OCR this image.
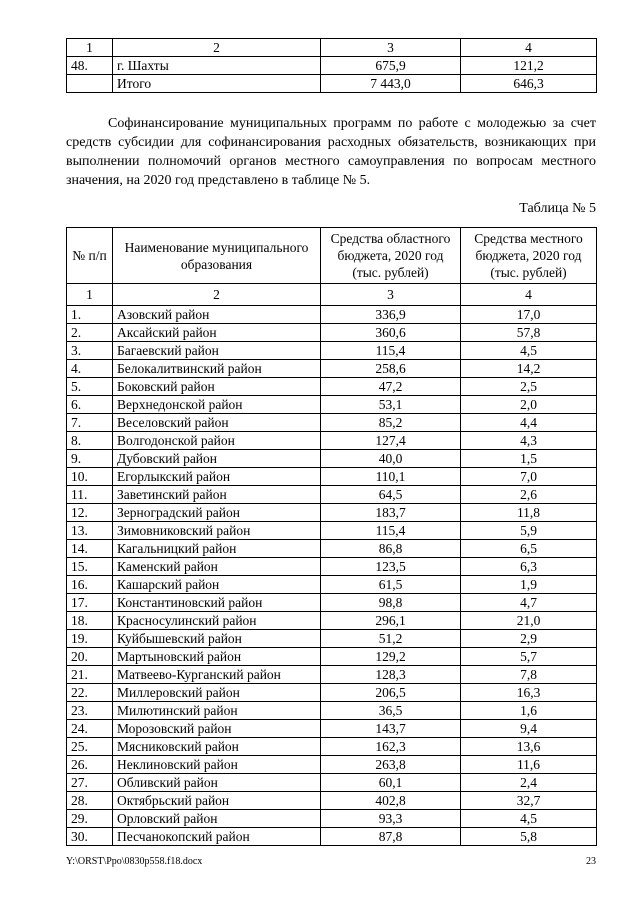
1	2	3	4
48.	г. Шахты	675,9	121,2
	Итого	7 443,0	646,3

Софинансирование муниципальных программ по работе с молодежью за счет средств субсидии для софинансирования расходных обязательств, возникающих при выполнении полномочий органов местного самоуправления по вопросам местного значения, на 2020 год представлено в таблице № 5.

Таблица № 5
№ п/п	Наименование муниципального образования	Средства областного бюджета, 2020 год (тыс. рублей)	Средства местного бюджета, 2020 год (тыс. рублей)
1	2	3	4
1.	Азовский район	336,9	17,0
2.	Аксайский район	360,6	57,8
3.	Багаевский район	115,4	4,5
4.	Белокалитвинский район	258,6	14,2
5.	Боковский район	47,2	2,5
6.	Верхнедонской район	53,1	2,0
7.	Веселовский район	85,2	4,4
8.	Волгодонской район	127,4	4,3
9.	Дубовский район	40,0	1,5
10.	Егорлыкский район	110,1	7,0
11.	Заветинский район	64,5	2,6
12.	Зерноградский район	183,7	11,8
13.	Зимовниковский район	115,4	5,9
14.	Кагальницкий район	86,8	6,5
15.	Каменский район	123,5	6,3
16.	Кашарский район	61,5	1,9
17.	Константиновский район	98,8	4,7
18.	Красносулинский район	296,1	21,0
19.	Куйбышевский район	51,2	2,9
20.	Мартыновский район	129,2	5,7
21.	Матвеево-Курганский район	128,3	7,8
22.	Миллеровский район	206,5	16,3
23.	Милютинский район	36,5	1,6
24.	Морозовский район	143,7	9,4
25.	Мясниковский район	162,3	13,6
26.	Неклиновский район	263,8	11,6
27.	Обливский район	60,1	2,4
28.	Октябрьский район	402,8	32,7
29.	Орловский район	93,3	4,5
30.	Песчанокопский район	87,8	5,8
Y:\ORST\Ppo\0830p558.f18.docx	23
